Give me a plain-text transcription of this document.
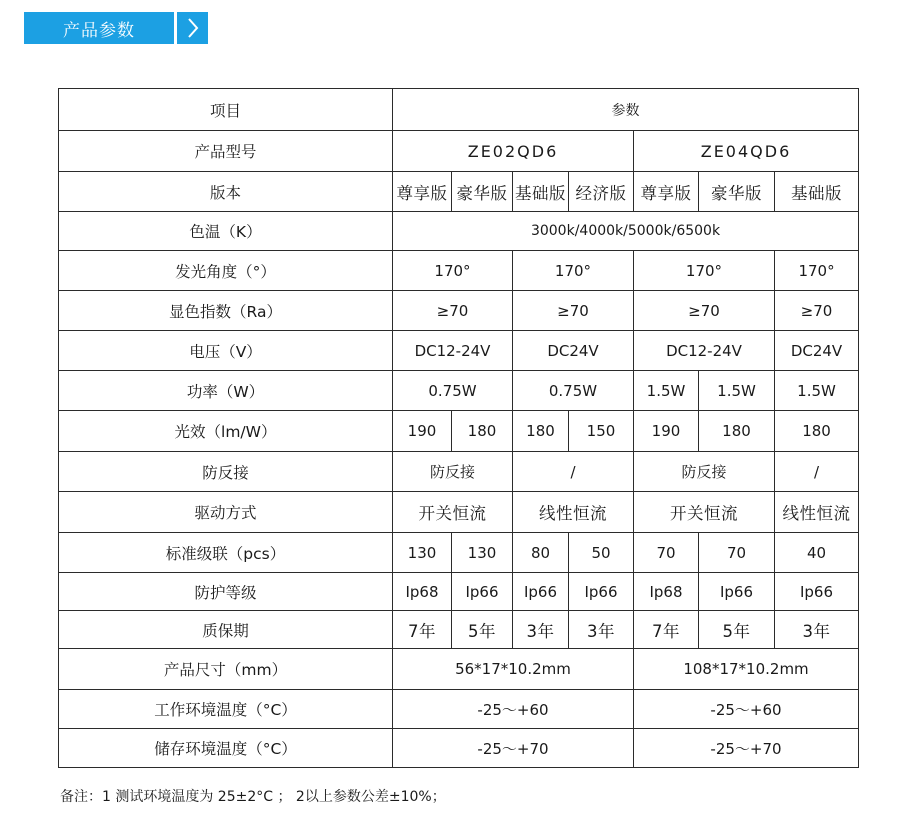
产品参数
项目	参数						
产品型号	ZE02QD6				ZE04QD6		
版本	尊享版	豪华版	基础版	经济版	尊享版	豪华版	基础版
色温（K）	3000k/4000k/5000k/6500k						
发光角度（°）	170°		170°		170°		170°
显色指数（Ra）	≥70		≥70		≥70		≥70
电压（V）	DC12-24V		DC24V		DC12-24V		DC24V
功率（W）	0.75W		0.75W		1.5W	1.5W	1.5W
光效（lm/W）	190	180	180	150	190	180	180
防反接	防反接		/		防反接		/
驱动方式	开关恒流		线性恒流		开关恒流		线性恒流
标准级联（pcs）	130	130	80	50	70	70	40
防护等级	Ip68	Ip66	Ip66	Ip66	Ip68	Ip66	Ip66
质保期	7年	5年	3年	3年	7年	5年	3年
产品尺寸（mm）	56*17*10.2mm				108*17*10.2mm		
工作环境温度（°C）	-25～+60				-25～+60		
储存环境温度（°C）	-25～+70				-25～+70		
备注：1 测试环境温度为 25±2°C ； 2以上参数公差±10%；
